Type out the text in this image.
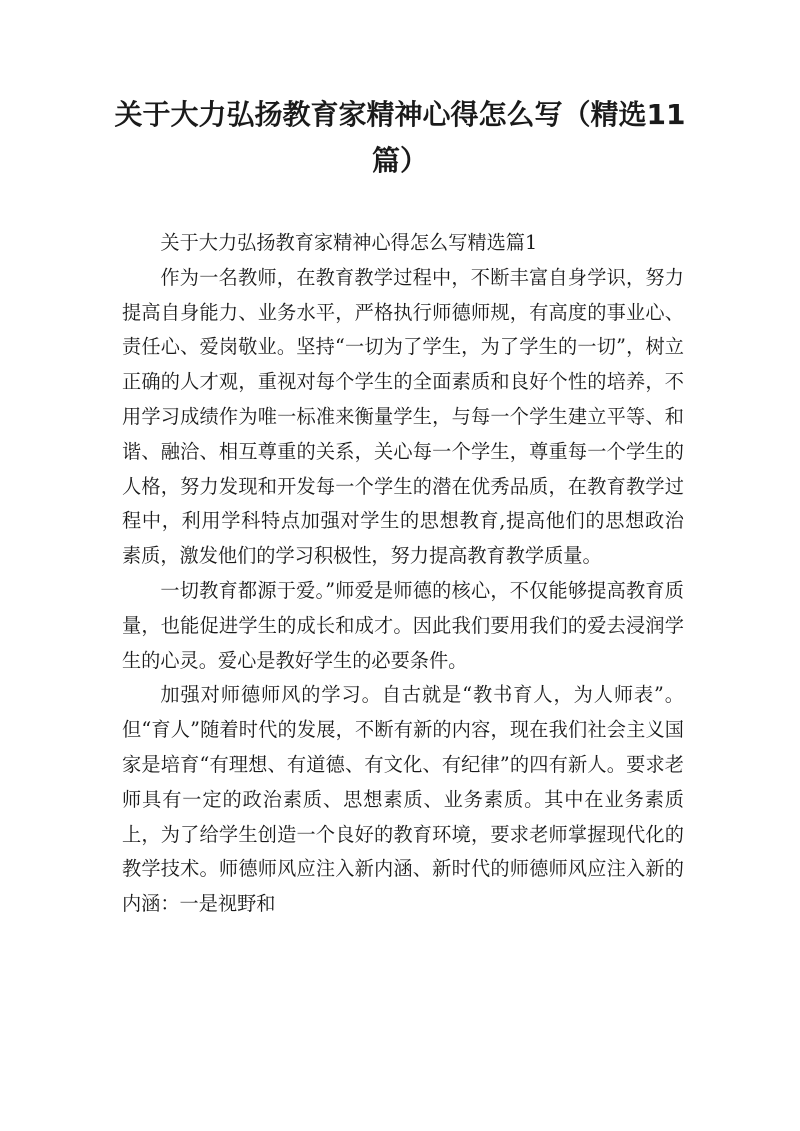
关于大力弘扬教育家精神心得怎么写（精选11篇）

关于大力弘扬教育家精神心得怎么写精选篇1

作为一名教师，在教育教学过程中，不断丰富自身学识，努力提高自身能力、业务水平，严格执行师德师规，有高度的事业心、责任心、爱岗敬业。坚持“一切为了学生，为了学生的一切”，树立正确的人才观，重视对每个学生的全面素质和良好个性的培养，不用学习成绩作为唯一标准来衡量学生，与每一个学生建立平等、和谐、融洽、相互尊重的关系，关心每一个学生，尊重每一个学生的人格，努力发现和开发每一个学生的潜在优秀品质，在教育教学过程中，利用学科特点加强对学生的思想教育,提高他们的思想政治素质，激发他们的学习积极性，努力提高教育教学质量。

一切教育都源于爱。”师爱是师德的核心，不仅能够提高教育质量，也能促进学生的成长和成才。因此我们要用我们的爱去浸润学生的心灵。爱心是教好学生的必要条件。

加强对师德师风的学习。自古就是“教书育人，为人师表”。但“育人”随着时代的发展，不断有新的内容，现在我们社会主义国家是培育“有理想、有道德、有文化、有纪律”的四有新人。要求老师具有一定的政治素质、思想素质、业务素质。其中在业务素质上，为了给学生创造一个良好的教育环境，要求老师掌握现代化的教学技术。师德师风应注入新内涵、新时代的师德师风应注入新的内涵：一是视野和
